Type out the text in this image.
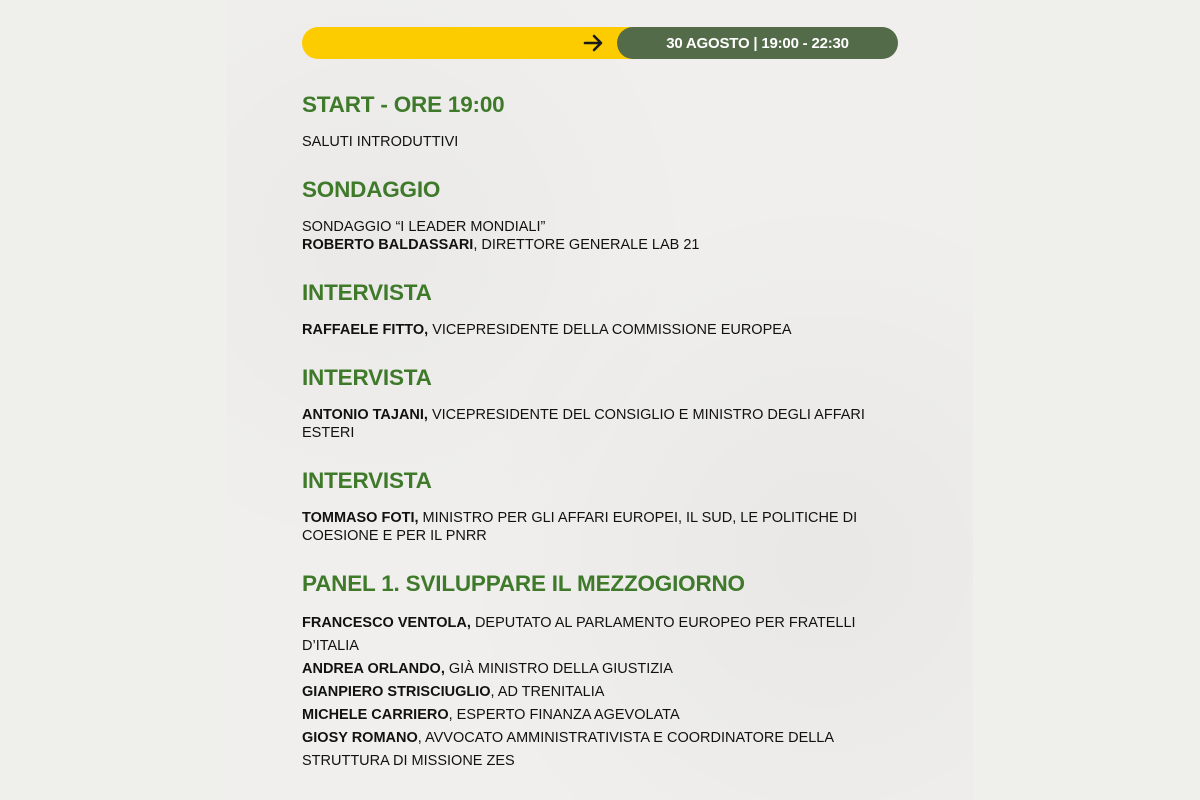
30 AGOSTO | 19:00 - 22:30
START - ORE 19:00

SALUTI INTRODUTTIVI

SONDAGGIO

SONDAGGIO “I LEADER MONDIALI”

ROBERTO BALDASSARI, DIRETTORE GENERALE LAB 21

INTERVISTA

RAFFAELE FITTO, VICEPRESIDENTE DELLA COMMISSIONE EUROPEA

INTERVISTA

ANTONIO TAJANI, VICEPRESIDENTE DEL CONSIGLIO E MINISTRO DEGLI AFFARI ESTERI

INTERVISTA

TOMMASO FOTI, MINISTRO PER GLI AFFARI EUROPEI, IL SUD, LE POLITICHE DI COESIONE E PER IL PNRR

PANEL 1. SVILUPPARE IL MEZZOGIORNO

FRANCESCO VENTOLA, DEPUTATO AL PARLAMENTO EUROPEO PER FRATELLI D’ITALIA

ANDREA ORLANDO, GIÀ MINISTRO DELLA GIUSTIZIA

GIANPIERO STRISCIUGLIO, AD TRENITALIA

MICHELE CARRIERO, ESPERTO FINANZA AGEVOLATA

GIOSY ROMANO, AVVOCATO AMMINISTRATIVISTA E COORDINATORE DELLA STRUTTURA DI MISSIONE ZES
